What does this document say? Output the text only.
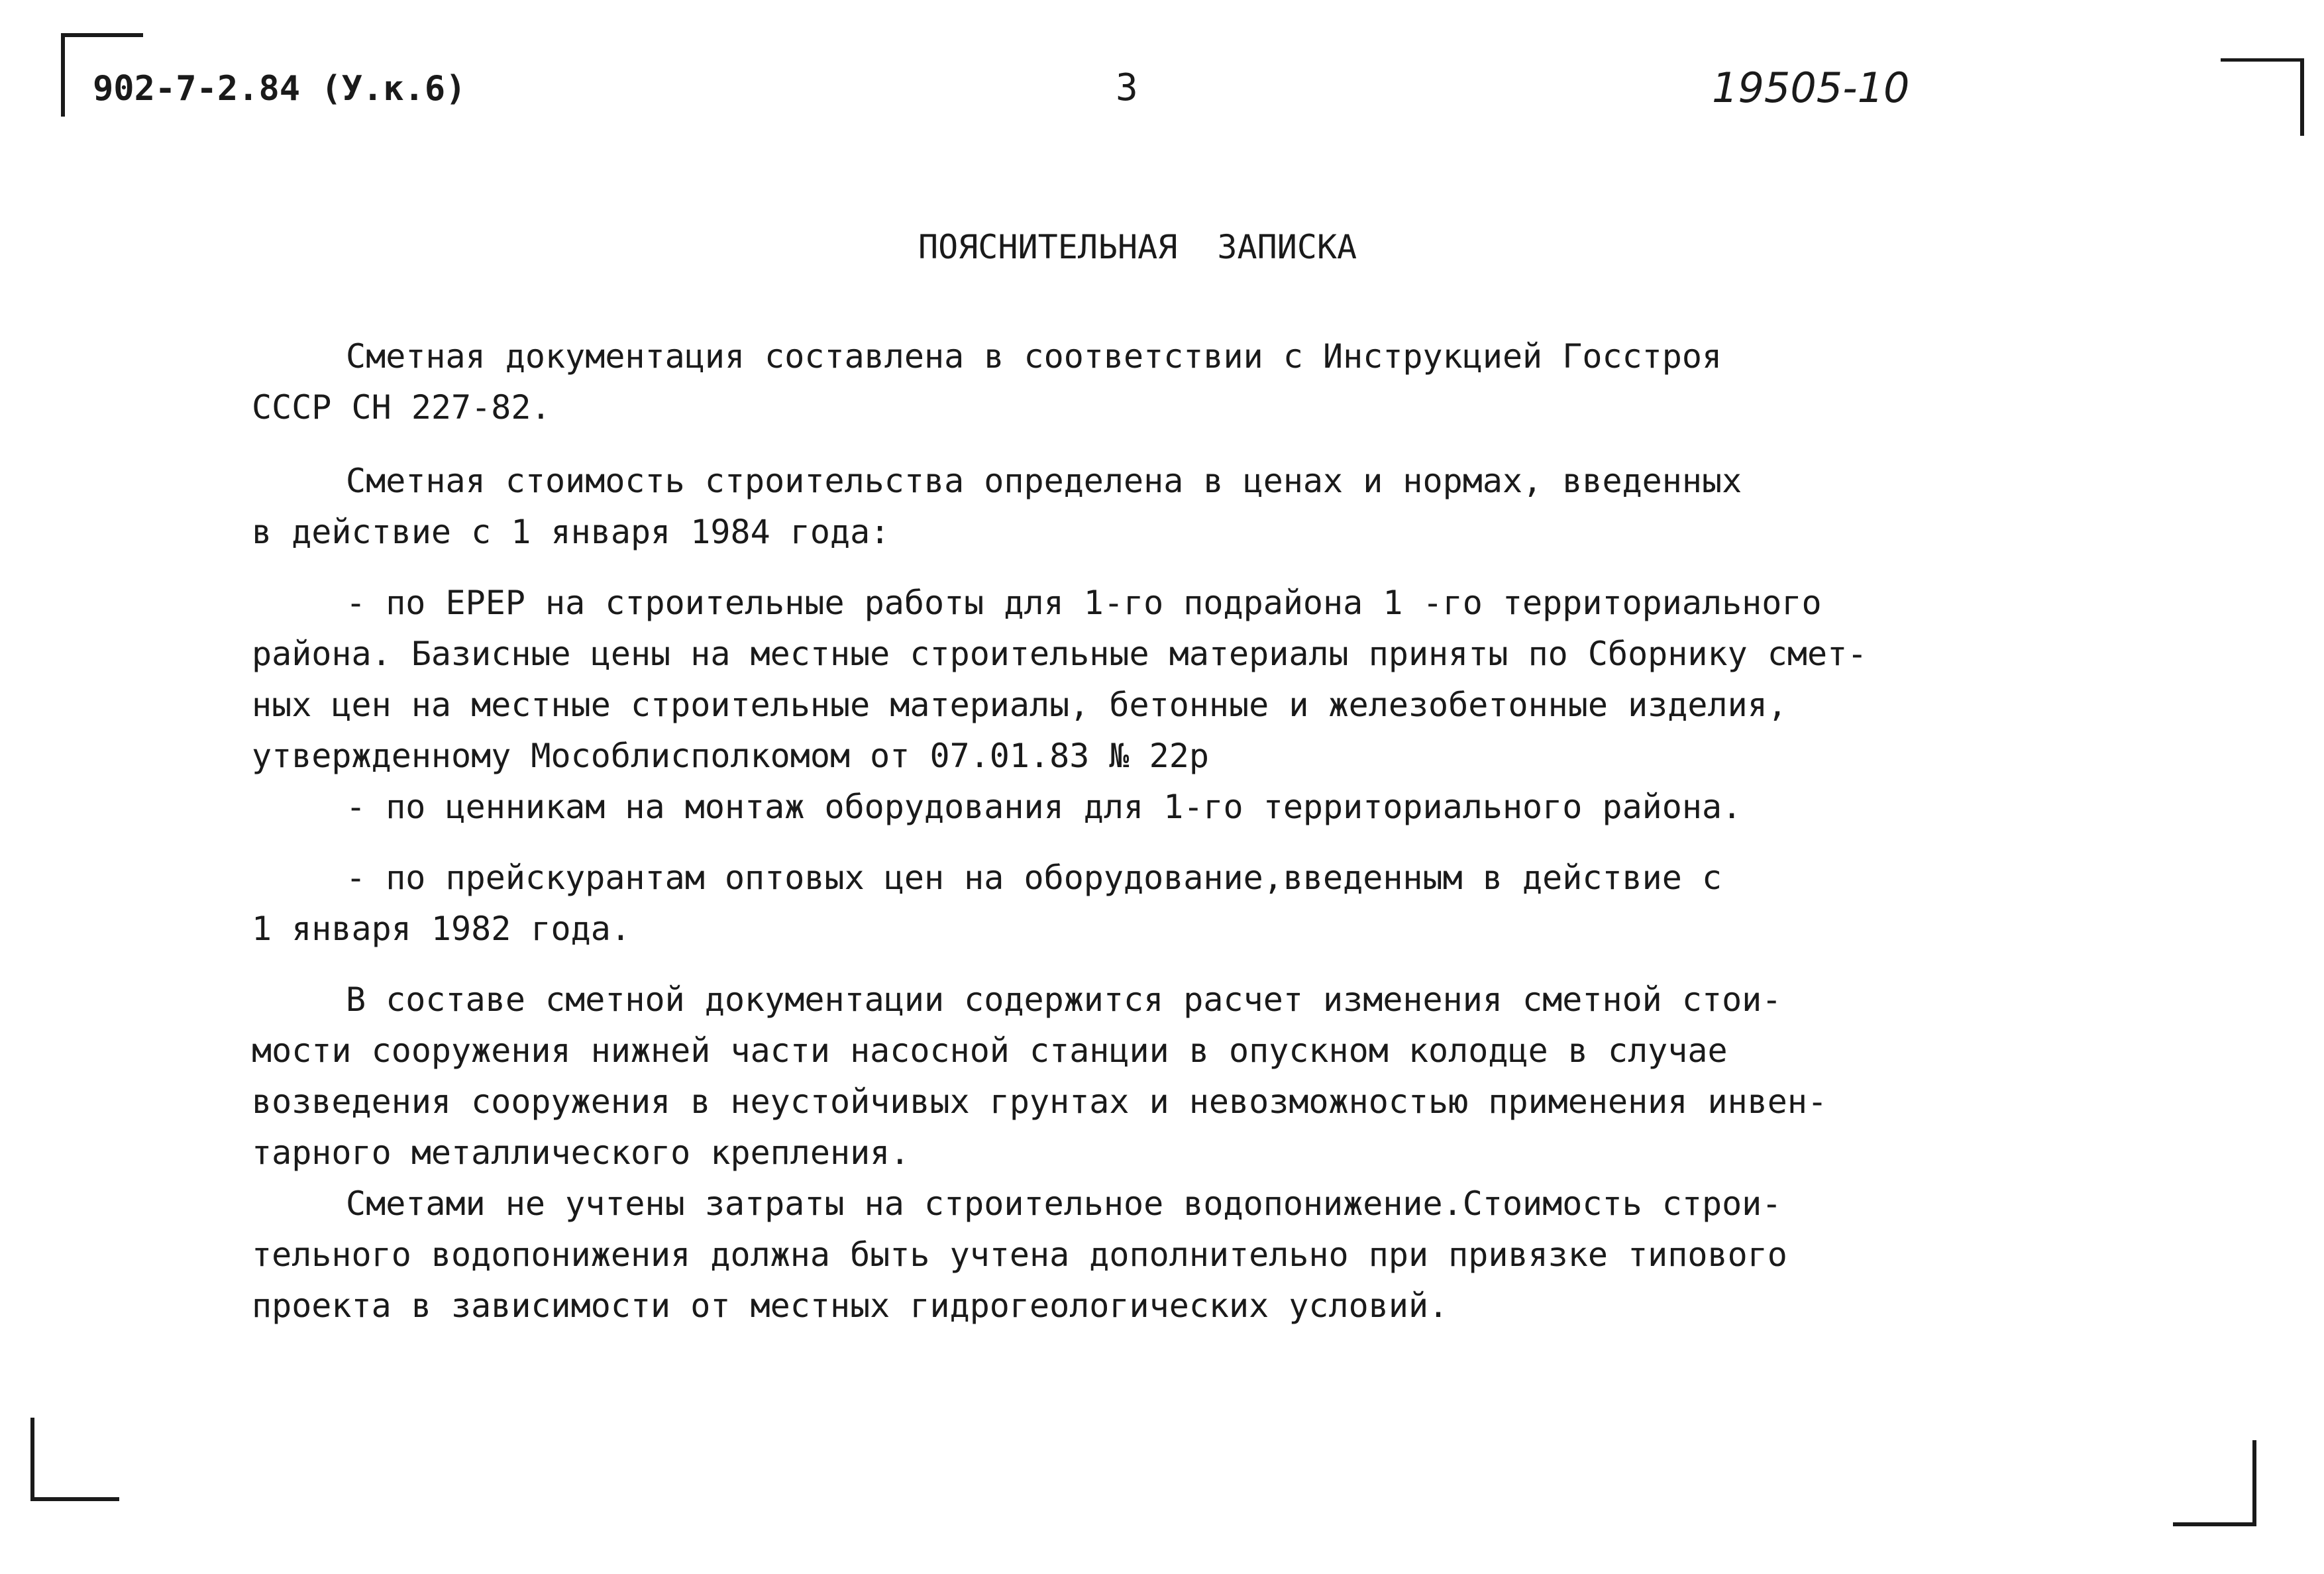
902-7-2.84 (У.к.6)	3	19505-10
ПОЯСНИТЕЛЬНАЯ ЗАПИСКА

Сметная документация составлена в соответствии с Инструкцией Госстроя
СССР СН 227-82.

Сметная стоимость строительства определена в ценах и нормах, введенных
в действие с 1 января 1984 года:

- по ЕРЕР на строительные работы для 1-го подрайона 1 -го территориального
района. Базисные цены на местные строительные материалы приняты по Сборнику смет-
ных цен на местные строительные материалы, бетонные и железобетонные изделия,
утвержденному Мособлисполкомом от 07.01.83 № 22р

- по ценникам на монтаж оборудования для 1-го территориального района.

- по прейскурантам оптовых цен на оборудование,введенным в действие с
1 января 1982 года.

В составе сметной документации содержится расчет изменения сметной стои-
мости сооружения нижней части насосной станции в опускном колодце в случае
возведения сооружения в неустойчивых грунтах и невозможностью применения инвен-
тарного металлического крепления.

Сметами не учтены затраты на строительное водопонижение.Стоимость строи-
тельного водопонижения должна быть учтена дополнительно при привязке типового
проекта в зависимости от местных гидрогеологических условий.
